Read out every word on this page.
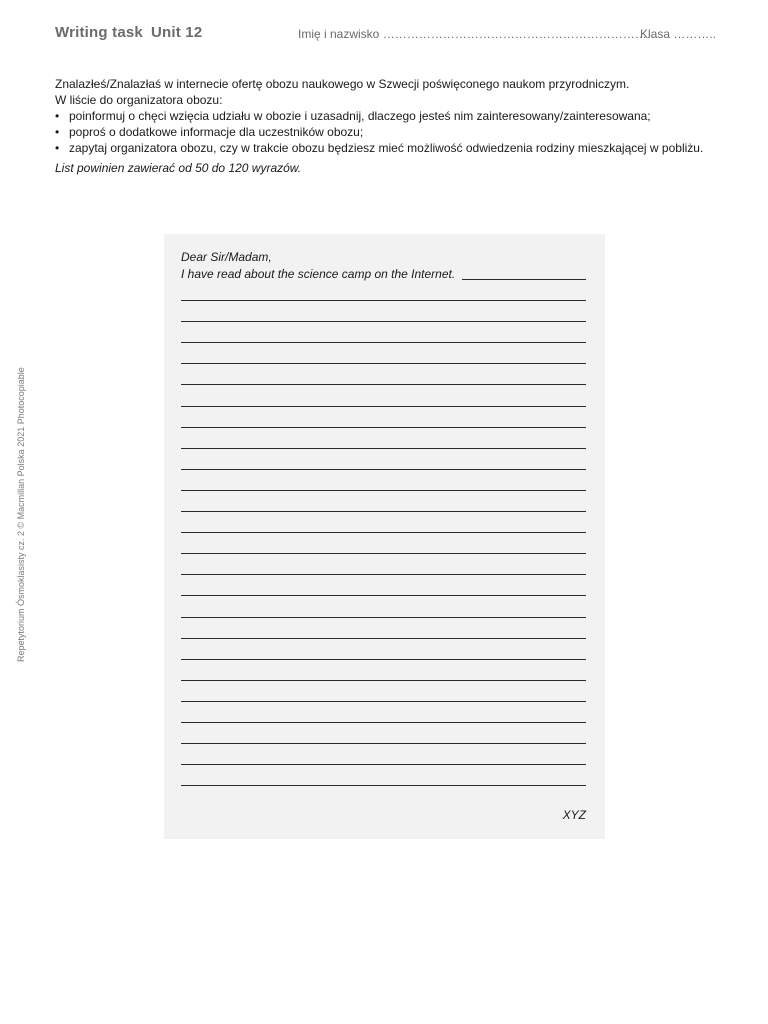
Writing task Unit 12	Imię i nazwisko ……………………………………………………………
Klasa ………..

Znalazłeś/Znalazłaś w internecie ofertę obozu naukowego w Szwecji poświęconego naukom przyrodniczym.

W liście do organizatora obozu:

• poinformuj o chęci wzięcia udziału w obozie i uzasadnij, dlaczego jesteś nim zainteresowany/zainteresowana;
• poproś o dodatkowe informacje dla uczestników obozu;
• zapytaj organizatora obozu, czy w trakcie obozu będziesz mieć możliwość odwiedzenia rodziny mieszkającej w pobliżu.

List powinien zawierać od 50 do 120 wyrazów.

Repetytorium Ósmoklasisty cz. 2 © Macmillan Polska 2021 Photocopiable
Dear Sir/Madam,
I have read about the science camp on the Internet.
XYZ
